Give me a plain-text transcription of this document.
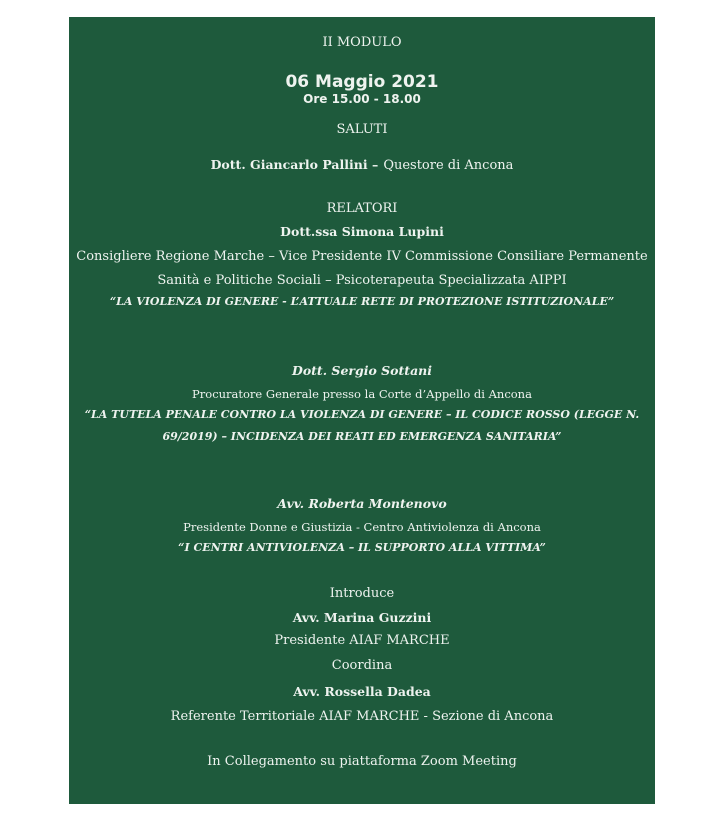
II MODULO
06 Maggio 2021
Ore 15.00 - 18.00
SALUTI
Dott. Giancarlo Pallini – Questore di Ancona
RELATORI
Dott.ssa Simona Lupini
Consigliere Regione Marche – Vice Presidente IV Commissione Consiliare Permanente
Sanità e Politiche Sociali – Psicoterapeuta Specializzata AIPPI
“LA VIOLENZA DI GENERE - L’ATTUALE RETE DI PROTEZIONE ISTITUZIONALE”
Dott. Sergio Sottani
Procuratore Generale presso la Corte d’Appello di Ancona
“LA TUTELA PENALE CONTRO LA VIOLENZA DI GENERE – IL CODICE ROSSO (LEGGE N.
69/2019) – INCIDENZA DEI REATI ED EMERGENZA SANITARIA”
Avv. Roberta Montenovo
Presidente Donne e Giustizia - Centro Antiviolenza di Ancona
“I CENTRI ANTIVIOLENZA – IL SUPPORTO ALLA VITTIMA”
Introduce
Avv. Marina Guzzini
Presidente AIAF MARCHE
Coordina
Avv. Rossella Dadea
Referente Territoriale AIAF MARCHE - Sezione di Ancona
In Collegamento su piattaforma Zoom Meeting
